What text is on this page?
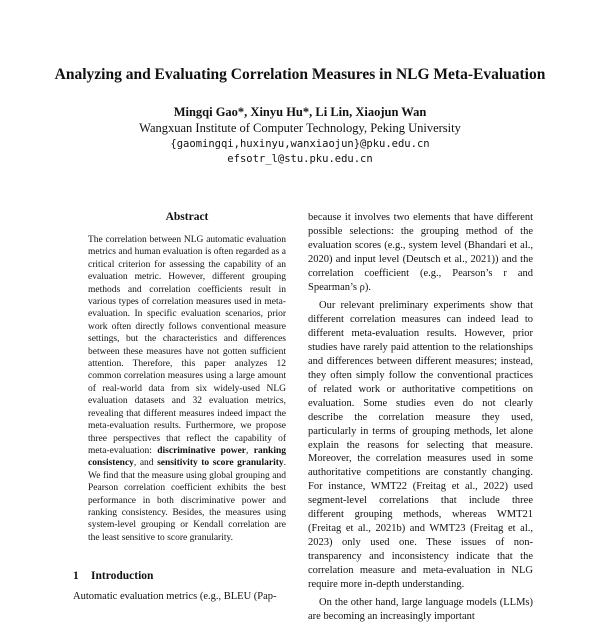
Analyzing and Evaluating Correlation Measures in NLG Meta-Evaluation
Mingqi Gao*, Xinyu Hu*, Li Lin, Xiaojun Wan
Wangxuan Institute of Computer Technology, Peking University
{gaomingqi,huxinyu,wanxiaojun}@pku.edu.cn
efsotr_l@stu.pku.edu.cn
Abstract
The correlation between NLG automatic evaluation metrics and human evaluation is often regarded as a critical criterion for assessing the capability of an evaluation metric. However, different grouping methods and correlation coefficients result in various types of correlation measures used in meta-evaluation. In specific evaluation scenarios, prior work often directly follows conventional measure settings, but the characteristics and differences between these measures have not gotten sufficient attention. Therefore, this paper analyzes 12 common correlation measures using a large amount of real-world data from six widely-used NLG evaluation datasets and 32 evaluation metrics, revealing that different measures indeed impact the meta-evaluation results. Furthermore, we propose three perspectives that reflect the capability of meta-evaluation: discriminative power, ranking consistency, and sensitivity to score granularity. We find that the measure using global grouping and Pearson correlation coefficient exhibits the best performance in both discriminative power and ranking consistency. Besides, the measures using system-level grouping or Kendall correlation are the least sensitive to score granularity.
1 Introduction
Automatic evaluation metrics (e.g., BLEU (Pap-

because it involves two elements that have different possible selections: the grouping method of the evaluation scores (e.g., system level (Bhandari et al., 2020) and input level (Deutsch et al., 2021)) and the correlation coefficient (e.g., Pearson’s r and Spearman’s ρ).

Our relevant preliminary experiments show that different correlation measures can indeed lead to different meta-evaluation results. However, prior studies have rarely paid attention to the relationships and differences between different measures; instead, they often simply follow the conventional practices of related work or authoritative competitions on evaluation. Some studies even do not clearly describe the correlation measure they used, particularly in terms of grouping methods, let alone explain the reasons for selecting that measure. Moreover, the correlation measures used in some authoritative competitions are constantly changing. For instance, WMT22 (Freitag et al., 2022) used segment-level correlations that include three different grouping methods, whereas WMT21 (Freitag et al., 2021b) and WMT23 (Freitag et al., 2023) only used one. These issues of non-transparency and inconsistency indicate that the correlation measure and meta-evaluation in NLG require more in-depth understanding.

On the other hand, large language models (LLMs) are becoming an increasingly important
